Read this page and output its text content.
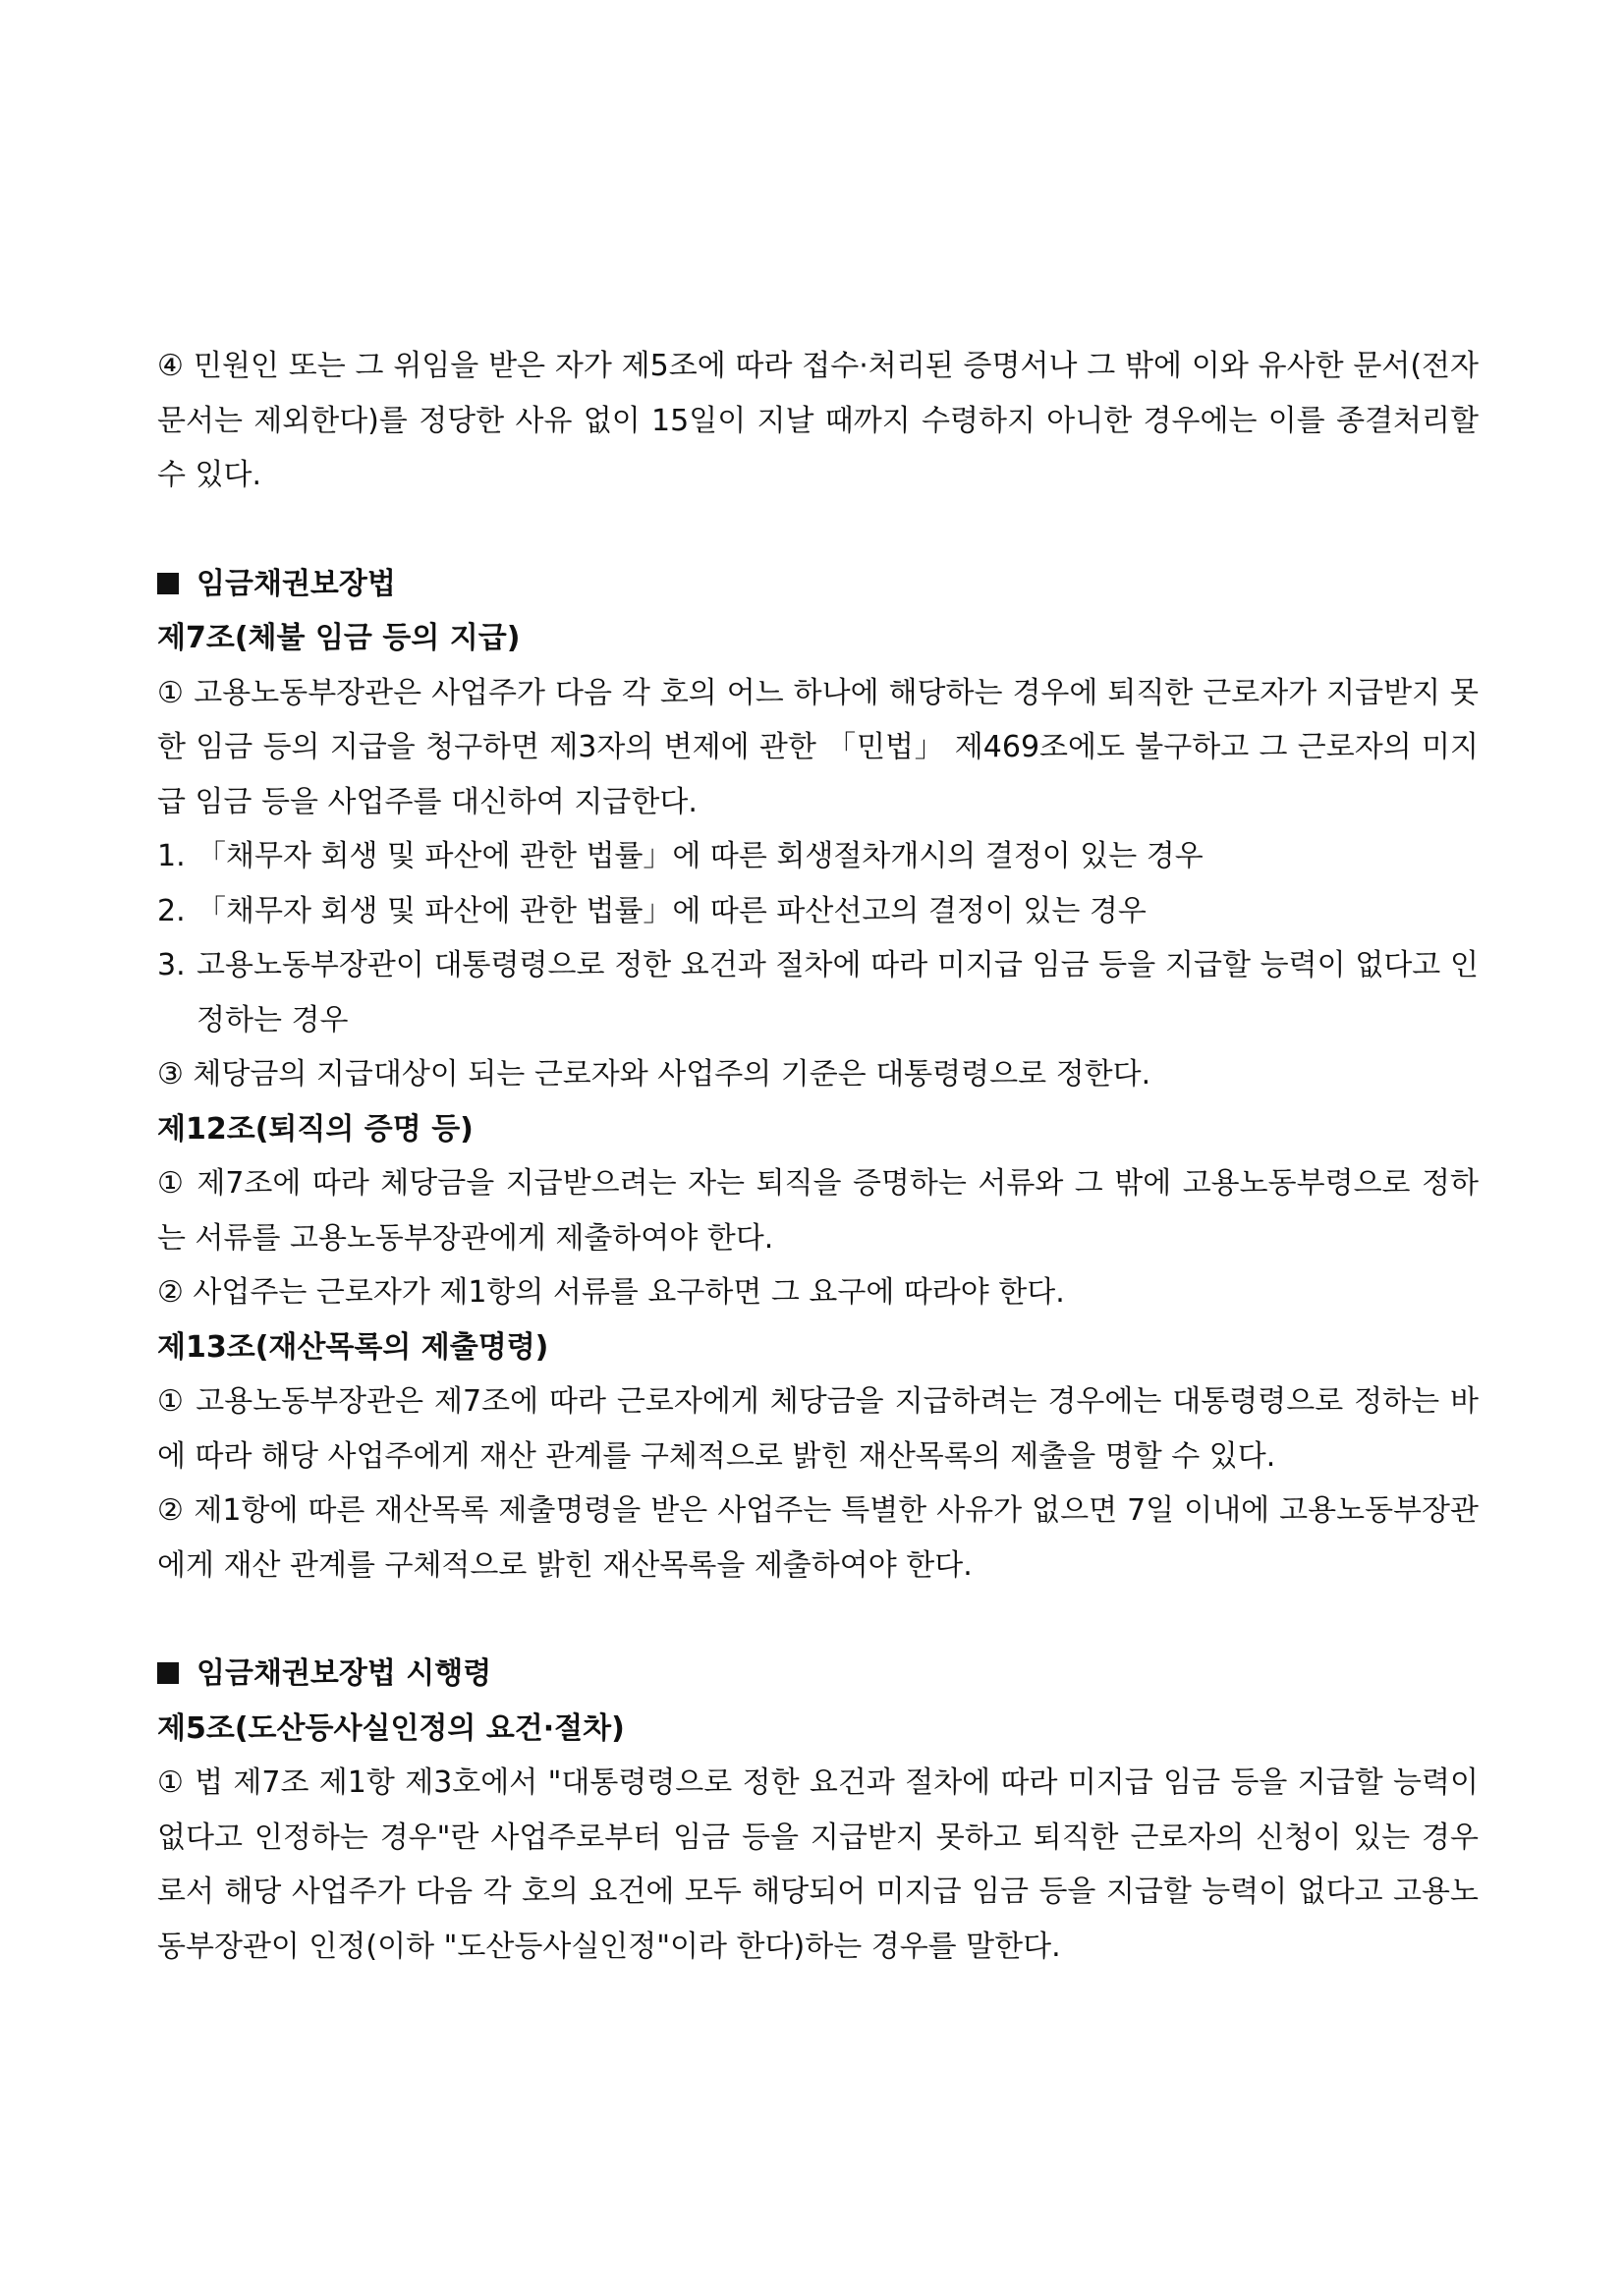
④ 민원인 또는 그 위임을 받은 자가 제5조에 따라 접수·처리된 증명서나 그 밖에 이와 유사한 문서(전자문서는 제외한다)를 정당한 사유 없이 15일이 지날 때까지 수령하지 아니한 경우에는 이를 종결처리할 수 있다.

임금채권보장법

제7조(체불 임금 등의 지급)

① 고용노동부장관은 사업주가 다음 각 호의 어느 하나에 해당하는 경우에 퇴직한 근로자가 지급받지 못한 임금 등의 지급을 청구하면 제3자의 변제에 관한 「민법」 제469조에도 불구하고 그 근로자의 미지급 임금 등을 사업주를 대신하여 지급한다.

1. 「채무자 회생 및 파산에 관한 법률」에 따른 회생절차개시의 결정이 있는 경우
2. 「채무자 회생 및 파산에 관한 법률」에 따른 파산선고의 결정이 있는 경우
3. 고용노동부장관이 대통령령으로 정한 요건과 절차에 따라 미지급 임금 등을 지급할 능력이 없다고 인정하는 경우

③ 체당금의 지급대상이 되는 근로자와 사업주의 기준은 대통령령으로 정한다.

제12조(퇴직의 증명 등)

① 제7조에 따라 체당금을 지급받으려는 자는 퇴직을 증명하는 서류와 그 밖에 고용노동부령으로 정하는 서류를 고용노동부장관에게 제출하여야 한다.

② 사업주는 근로자가 제1항의 서류를 요구하면 그 요구에 따라야 한다.

제13조(재산목록의 제출명령)

① 고용노동부장관은 제7조에 따라 근로자에게 체당금을 지급하려는 경우에는 대통령령으로 정하는 바에 따라 해당 사업주에게 재산 관계를 구체적으로 밝힌 재산목록의 제출을 명할 수 있다.

② 제1항에 따른 재산목록 제출명령을 받은 사업주는 특별한 사유가 없으면 7일 이내에 고용노동부장관에게 재산 관계를 구체적으로 밝힌 재산목록을 제출하여야 한다.

임금채권보장법 시행령

제5조(도산등사실인정의 요건·절차)

① 법 제7조 제1항 제3호에서 "대통령령으로 정한 요건과 절차에 따라 미지급 임금 등을 지급할 능력이 없다고 인정하는 경우"란 사업주로부터 임금 등을 지급받지 못하고 퇴직한 근로자의 신청이 있는 경우로서 해당 사업주가 다음 각 호의 요건에 모두 해당되어 미지급 임금 등을 지급할 능력이 없다고 고용노동부장관이 인정(이하 "도산등사실인정"이라 한다)하는 경우를 말한다.
